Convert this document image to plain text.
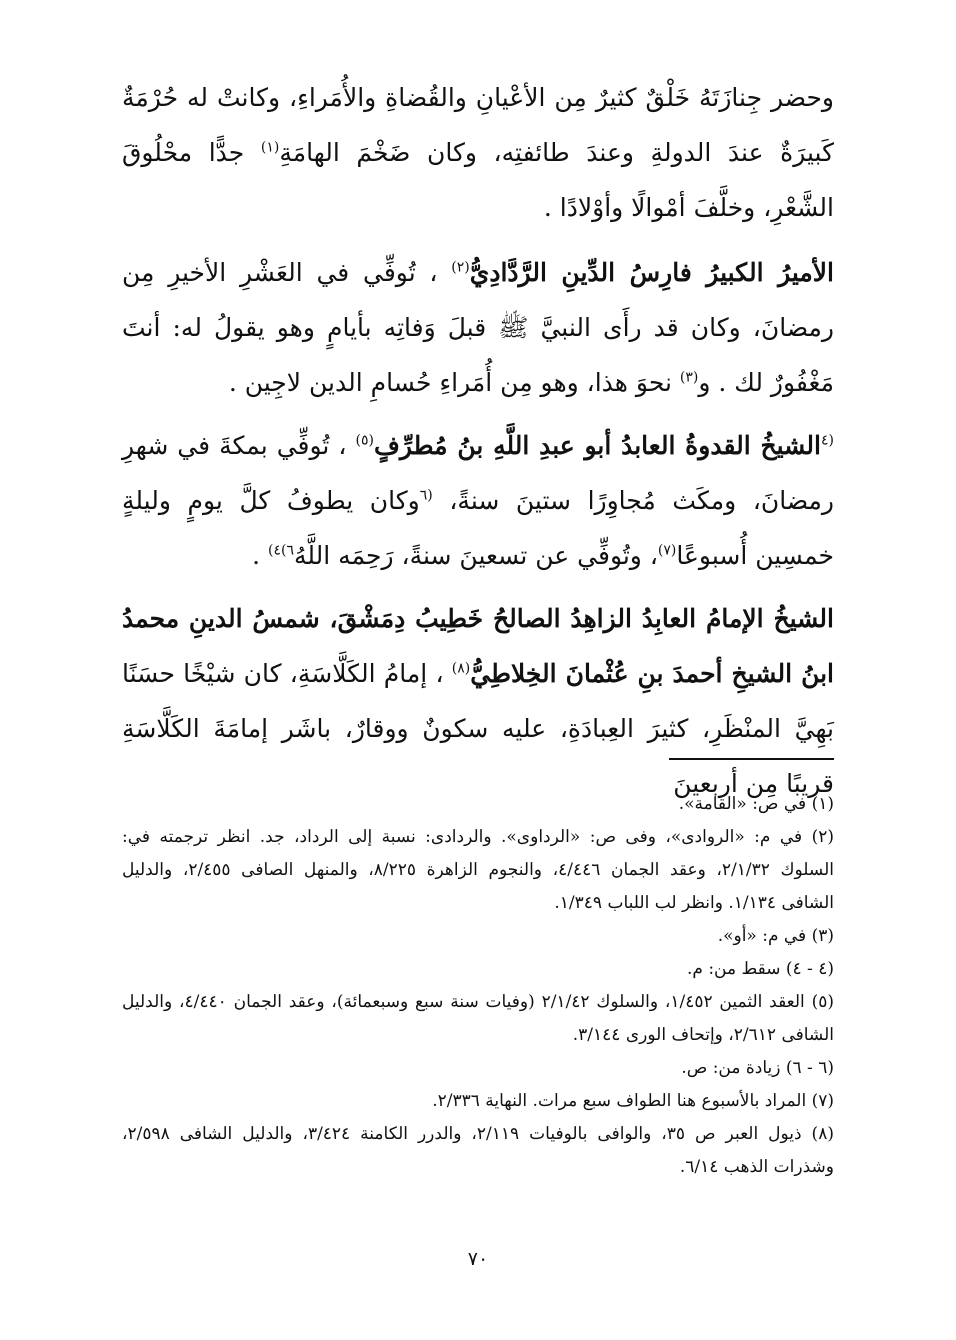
وحضر جِنازَتَهُ خَلْقٌ كثيرٌ مِن الأعْيانِ والقُضاةِ والأُمَراءِ، وكانتْ له حُرْمَةٌ كَبيرَةٌ عندَ الدولةِ وعندَ طائفتِه، وكان ضَخْمَ الهامَةِ$^{(١)}$ جدًّا محْلُوقَ الشَّعْرِ، وخلَّفَ أمْوالًا وأوْلادًا .

الأميرُ الكبيرُ فارِسُ الدِّينِ الرَّدَّادِيُّ$^{(٢)}$ ، تُوفِّي في العَشْرِ الأخيرِ مِن رمضانَ، وكان قد رأَى النبيَّ ﷺ قبلَ وَفاتِه بأيامٍ وهو يقولُ له: أنتَ مَغْفُورٌ لك . و$^{(٣)}$ نحوَ هذا، وهو مِن أُمَراءِ حُسامِ الدين لاجِين .

$^{(٤}$الشيخُ القدوةُ العابدُ أبو عبدِ اللَّهِ بنُ مُطرِّفٍ$^{(٥)}$ ، تُوفِّي بمكةَ في شهرِ رمضانَ، ومكَث مُجاوِرًا ستينَ سنةً، $^{(٦}$وكان يطوفُ كلَّ يومٍ وليلةٍ خمسِين أُسبوعًا$^{(٧)}$، وتُوفِّي عن تسعينَ سنةً، رَحِمَه اللَّهُ$^{٦)٤)}$ .

الشيخُ الإمامُ العابِدُ الزاهِدُ الصالحُ خَطِيبُ دِمَشْقَ، شمسُ الدينِ محمدُ ابنُ الشيخِ أحمدَ بنِ عُثْمانَ الخِلاطِيُّ$^{(٨)}$ ، إمامُ الكَلَّاسَةِ، كان شيْخًا حسَنًا بَهِيَّ المنْظَرِ، كثيرَ العِبادَةِ، عليه سكونٌ ووقارٌ، باشَر إمامَةَ الكَلَّاسَةِ قريبًا مِن أربعينَ

(١) في ص: «القامة».

(٢) في م: «الروادى»، وفى ص: «الرداوى». والردادى: نسبة إلى الرداد، جد. انظر ترجمته في: السلوك ٢/١/٣٢، وعقد الجمان ٤/٤٤٦، والنجوم الزاهرة ٨/٢٢٥، والمنهل الصافى ٢/٤٥٥، والدليل الشافى ١/١٣٤. وانظر لب اللباب ١/٣٤٩.

(٣) في م: «أو».

(٤ - ٤) سقط من: م.

(٥) العقد الثمين ١/٤٥٢، والسلوك ٢/١/٤٢ (وفيات سنة سبع وسبعمائة)، وعقد الجمان ٤/٤٤٠، والدليل الشافى ٢/٦١٢، وإتحاف الورى ٣/١٤٤.

(٦ - ٦) زيادة من: ص.

(٧) المراد بالأسبوع هنا الطواف سبع مرات. النهاية ٢/٣٣٦.

(٨) ذيول العبر ص ٣٥، والوافى بالوفيات ٢/١١٩، والدرر الكامنة ٣/٤٢٤، والدليل الشافى ٢/٥٩٨، وشذرات الذهب ٦/١٤.

٧٠
